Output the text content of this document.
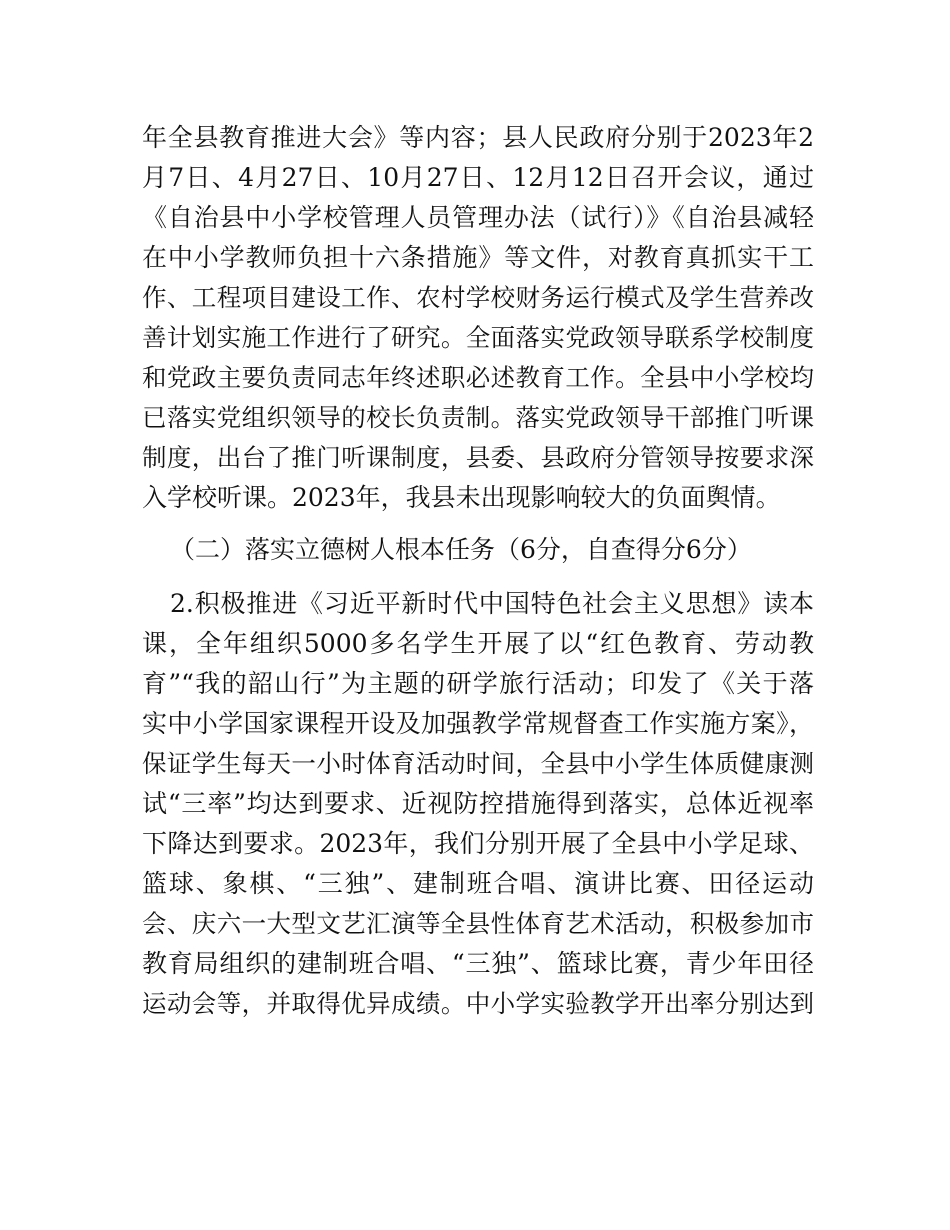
年全县教育推进大会》等内容；县人民政府分别于2023年2
月7日、4月27日、10月27日、12月12日召开会议，通过
《自治县中小学校管理人员管理办法（试行）》《自治县减轻
在中小学教师负担十六条措施》等文件，对教育真抓实干工
作、工程项目建设工作、农村学校财务运行模式及学生营养改
善计划实施工作进行了研究。全面落实党政领导联系学校制度
和党政主要负责同志年终述职必述教育工作。全县中小学校均
已落实党组织领导的校长负责制。落实党政领导干部推门听课
制度，出台了推门听课制度，县委、县政府分管领导按要求深
入学校听课。2023年，我县未出现影响较大的负面舆情。
（二）落实立德树人根本任务（6分，自查得分6分）
2.积极推进《习近平新时代中国特色社会主义思想》读本
课，全年组织5000多名学生开展了以“红色教育、劳动教
育”“我的韶山行”为主题的研学旅行活动；印发了《关于落
实中小学国家课程开设及加强教学常规督查工作实施方案》，
保证学生每天一小时体育活动时间，全县中小学生体质健康测
试“三率”均达到要求、近视防控措施得到落实，总体近视率
下降达到要求。2023年，我们分别开展了全县中小学足球、
篮球、象棋、“三独”、建制班合唱、演讲比赛、田径运动
会、庆六一大型文艺汇演等全县性体育艺术活动，积极参加市
教育局组织的建制班合唱、“三独”、篮球比赛，青少年田径
运动会等，并取得优异成绩。中小学实验教学开出率分别达到
